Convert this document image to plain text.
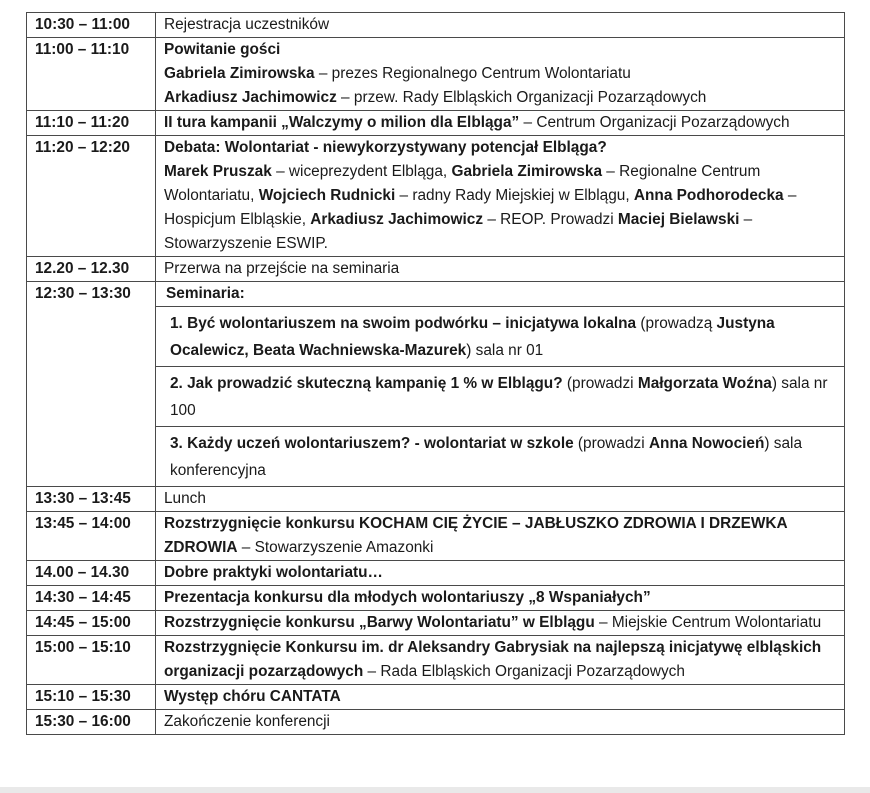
10:30 – 11:00	Rejestracja uczestników
11:00 – 11:10	Powitanie gości
Gabriela Zimirowska – prezes Regionalnego Centrum Wolontariatu
Arkadiusz Jachimowicz – przew. Rady Elbląskich Organizacji Pozarządowych

11:10 – 11:20	II tura kampanii „Walczymy o milion dla Elbląga” – Centrum Organizacji Pozarządowych
11:20 – 12:20	Debata: Wolontariat - niewykorzystywany potencjał Elbląga?
Marek Pruszak – wiceprezydent Elbląga, Gabriela Zimirowska – Regionalne Centrum Wolontariatu, Wojciech Rudnicki – radny Rady Miejskiej w Elblągu, Anna Podhorodecka – Hospicjum Elbląskie, Arkadiusz Jachimowicz – REOP. Prowadzi Maciej Bielawski – Stowarzyszenie ESWIP.
12.20 – 12.30	Przerwa na przejście na seminaria
12:30 – 13:30	Seminaria:
	1. Być wolontariuszem na swoim podwórku – inicjatywa lokalna (prowadzą Justyna Ocalewicz, Beata Wachniewska-Mazurek) sala nr 01
	2. Jak prowadzić skuteczną kampanię 1 % w Elblągu? (prowadzi Małgorzata Woźna) sala nr 100
	3. Każdy uczeń wolontariuszem? - wolontariat w szkole (prowadzi Anna Nowocień) sala konferencyjna

13:30 – 13:45	Lunch
13:45 – 14:00	Rozstrzygnięcie konkursu KOCHAM CIĘ ŻYCIE – JABŁUSZKO ZDROWIA I DRZEWKA ZDROWIA – Stowarzyszenie Amazonki
14.00 – 14.30	Dobre praktyki wolontariatu…
14:30 – 14:45	Prezentacja konkursu dla młodych wolontariuszy „8 Wspaniałych”
14:45 – 15:00	Rozstrzygnięcie konkursu „Barwy Wolontariatu” w Elblągu – Miejskie Centrum Wolontariatu
15:00 – 15:10	Rozstrzygnięcie Konkursu im. dr Aleksandry Gabrysiak na najlepszą inicjatywę elbląskich organizacji pozarządowych – Rada Elbląskich Organizacji Pozarządowych
15:10 – 15:30	Występ chóru CANTATA
15:30 – 16:00	Zakończenie konferencji
